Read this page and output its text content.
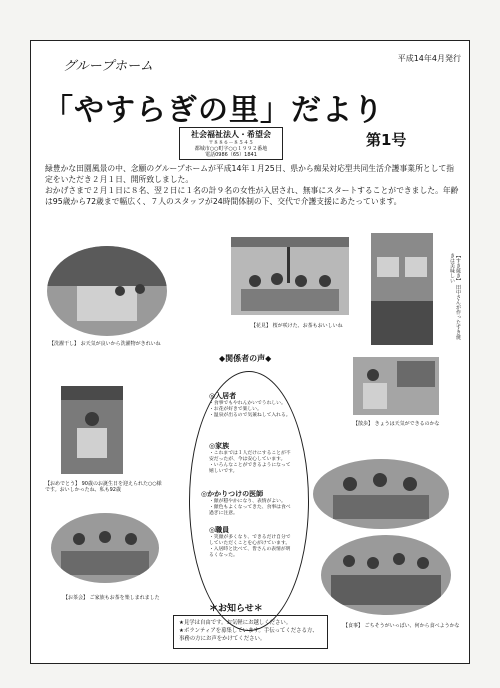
グループホーム
平成14年4月発行
「やすらぎの里」だより
社会福祉法人・希望会
〒８８６－８５４５
都城市○○町字○○１９９２番地
電話0986（65）1841
第1号

緑豊かな田園風景の中、念願のグループホームが平成14年１月25日、県から痴呆対応型共同生活介護事業所として指定をいただき２月１日、開所致しました。

おかげさまで２月１日に８名、翌２日に１名の計９名の女性が入居され、無事にスタートすることができました。年齢は95歳から72歳まで幅広く、７人のスタッフが24時間体制の下、交代で介護支援にあたっています。

【洗濯干し】 お天気が良いから洗濯物がきれいね
【花見】 桜が咲けた、お茶もおいしいね	【すき焼き】 田中さんが作ったすき焼きは美味しい
【おめでとう】 90歳のお誕生日を迎えられた○○様です。おいしかったね、私も92歳
【散歩】 きょうは天気ができるのかな
【お茶会】 ご家族もお茶を楽しまれました
【食事】 ごちそうがいっぱい、何から食べようかな
◆関係者の声◆
◎入居者
・食事でもやれんかいでうれしい。
・お花が好きで楽しい。
・温泉が出るので気兼ねして入れる。
◎家族
・これまでは１人だけにすることが不安だったが、今は安心しています。
・いろんなことができるようになって嬉しいです。
◎かかりつけの医師
・顔が穏やかになり、表情がよい。
・顔色もよくなってきた、食事は食べ過ぎに注意。
◎職員
・笑顔が多くなり、できるだけ自分でしていただくことを心がけています。
・入居時と比べて、皆さんの表情が明るくなった。
＊お知らせ＊
★見学は自由です。お気軽にお越しください。
★ボランティアを募集しています。手伝ってくださる方、事務の方にお声をかけてください。
